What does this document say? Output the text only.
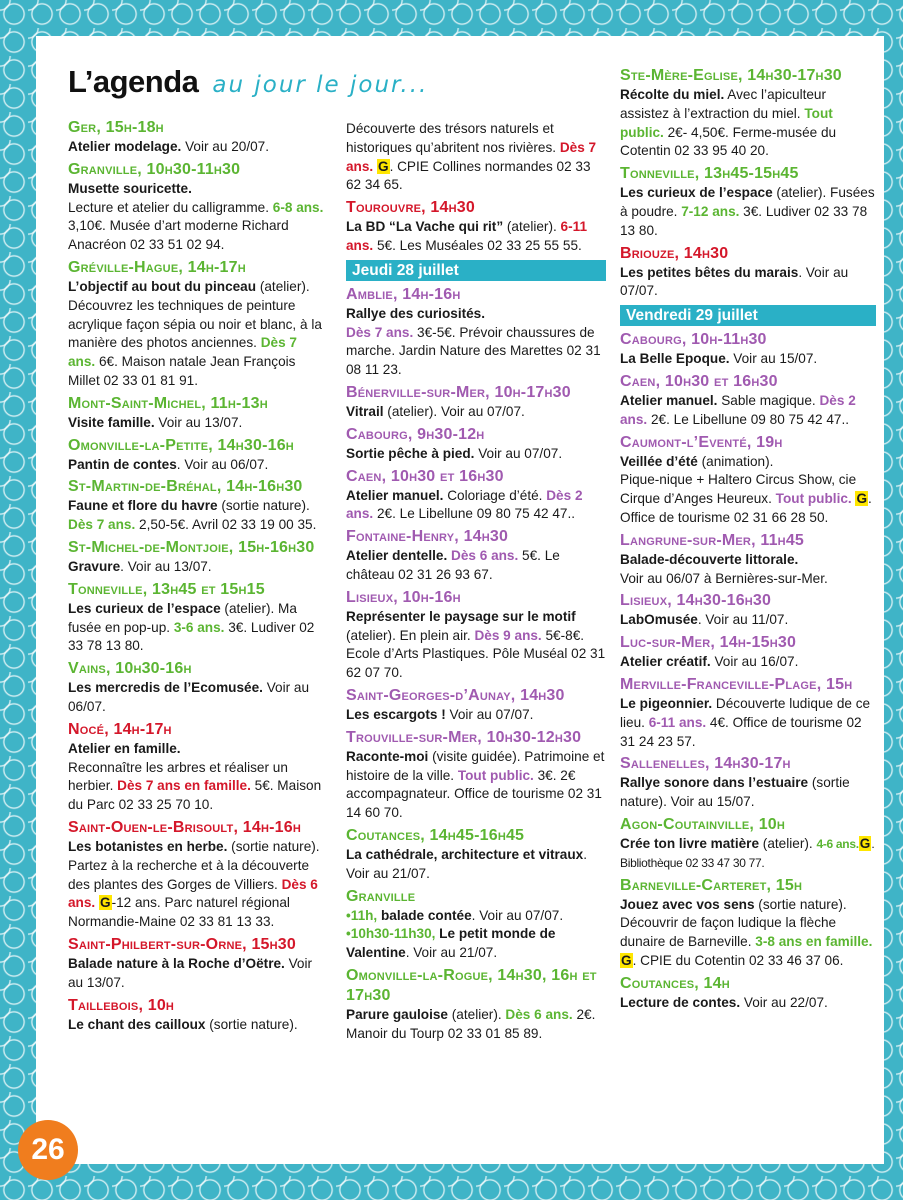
L’agenda au jour le jour...
Ger, 15h-18h
Atelier modelage. Voir au 20/07.
Granville, 10h30-11h30
Musette souricette.
Lecture et atelier du calligramme. 6-8 ans. 3,10€. Musée d’art moderne Richard Anacréon 02 33 51 02 94.
Gréville-Hague, 14h-17h
L’objectif au bout du pinceau (atelier). Découvrez les techniques de peinture acrylique façon sépia ou noir et blanc, à la manière des photos anciennes. Dès 7 ans. 6€. Maison natale Jean François Millet 02 33 01 81 91.
Mont-Saint-Michel, 11h-13h
Visite famille. Voir au 13/07.
Omonville-la-Petite, 14h30-16h
Pantin de contes. Voir au 06/07.
St-Martin-de-Bréhal, 14h-16h30
Faune et flore du havre (sortie nature). Dès 7 ans. 2,50-5€. Avril 02 33 19 00 35.
St-Michel-de-Montjoie, 15h-16h30
Gravure. Voir au 13/07.
Tonneville, 13h45 et 15h15
Les curieux de l’espace (atelier). Ma fusée en pop-up. 3-6 ans. 3€. Ludiver 02 33 78 13 80.
Vains, 10h30-16h
Les mercredis de l’Ecomusée. Voir au 06/07.
Nocé, 14h-17h
Atelier en famille.
Reconnaître les arbres et réaliser un herbier. Dès 7 ans en famille. 5€. Maison du Parc 02 33 25 70 10.
Saint-Ouen-le-Brisoult, 14h-16h
Les botanistes en herbe. (sortie nature). Partez à la recherche et à la découverte des plantes des Gorges de Villiers. Dès 6 ans. G-12 ans. Parc naturel régional Normandie-Maine 02 33 81 13 33.
Saint-Philbert-sur-Orne, 15h30
Balade nature à la Roche d’Oëtre. Voir au 13/07.
Taillebois, 10h
Le chant des cailloux (sortie nature).
Découverte des trésors naturels et historiques qu’abritent nos rivières. Dès 7 ans. G. CPIE Collines normandes 02 33 62 34 65.
Tourouvre, 14h30
La BD “La Vache qui rit” (atelier). 6-11 ans. 5€. Les Muséales 02 33 25 55 55.
Jeudi 28 juillet
Amblie, 14h-16h
Rallye des curiosités.
Dès 7 ans. 3€-5€. Prévoir chaussures de marche. Jardin Nature des Marettes 02 31 08 11 23.
Bénerville-sur-Mer, 10h-17h30
Vitrail (atelier). Voir au 07/07.
Cabourg, 9h30-12h
Sortie pêche à pied. Voir au 07/07.
Caen, 10h30 et 16h30
Atelier manuel. Coloriage d’été. Dès 2 ans. 2€. Le Libellune 09 80 75 42 47..
Fontaine-Henry, 14h30
Atelier dentelle. Dès 6 ans. 5€. Le château 02 31 26 93 67.
Lisieux, 10h-16h
Représenter le paysage sur le motif (atelier). En plein air. Dès 9 ans. 5€-8€. Ecole d’Arts Plastiques. Pôle Muséal 02 31 62 07 70.
Saint-Georges-d’Aunay, 14h30
Les escargots ! Voir au 07/07.
Trouville-sur-Mer, 10h30-12h30
Raconte-moi (visite guidée). Patrimoine et histoire de la ville. Tout public. 3€. 2€ accompagnateur. Office de tourisme 02 31 14 60 70.
Coutances, 14h45-16h45
La cathédrale, architecture et vitraux. Voir au 21/07.
Granville
•11h, balade contée. Voir au 07/07.
•10h30-11h30, Le petit monde de Valentine. Voir au 21/07.
Omonville-la-Rogue, 14h30, 16h et 17h30
Parure gauloise (atelier). Dès 6 ans. 2€. Manoir du Tourp 02 33 01 85 89.
Ste-Mère-Eglise, 14h30-17h30
Récolte du miel. Avec l’apiculteur assistez à l’extraction du miel. Tout public. 2€- 4,50€. Ferme-musée du Cotentin 02 33 95 40 20.
Tonneville, 13h45-15h45
Les curieux de l’espace (atelier). Fusées à poudre. 7-12 ans. 3€. Ludiver 02 33 78 13 80.
Briouze, 14h30
Les petites bêtes du marais. Voir au 07/07.
Vendredi 29 juillet
Cabourg, 10h-11h30
La Belle Epoque. Voir au 15/07.
Caen, 10h30 et 16h30
Atelier manuel. Sable magique. Dès 2 ans. 2€. Le Libellune 09 80 75 42 47..
Caumont-l’Eventé, 19h
Veillée d’été (animation).
Pique-nique + Haltero Circus Show, cie Cirque d’Anges Heureux. Tout public. G. Office de tourisme 02 31 66 28 50.
Langrune-sur-Mer, 11h45
Balade-découverte littorale.
Voir au 06/07 à Bernières-sur-Mer.
Lisieux, 14h30-16h30
LabOmusée. Voir au 11/07.
Luc-sur-Mer, 14h-15h30
Atelier créatif. Voir au 16/07.
Merville-Franceville-Plage, 15h
Le pigeonnier. Découverte ludique de ce lieu. 6-11 ans. 4€. Office de tourisme 02 31 24 23 57.
Sallenelles, 14h30-17h
Rallye sonore dans l’estuaire (sortie nature). Voir au 15/07.
Agon-Coutainville, 10h
Crée ton livre matière (atelier). 4-6 ans.G. Bibliothèque 02 33 47 30 77.
Barneville-Carteret, 15h
Jouez avec vos sens (sortie nature). Découvrir de façon ludique la flèche dunaire de Barneville. 3-8 ans en famille. G. CPIE du Cotentin 02 33 46 37 06.
Coutances, 14h
Lecture de contes. Voir au 22/07.
26
